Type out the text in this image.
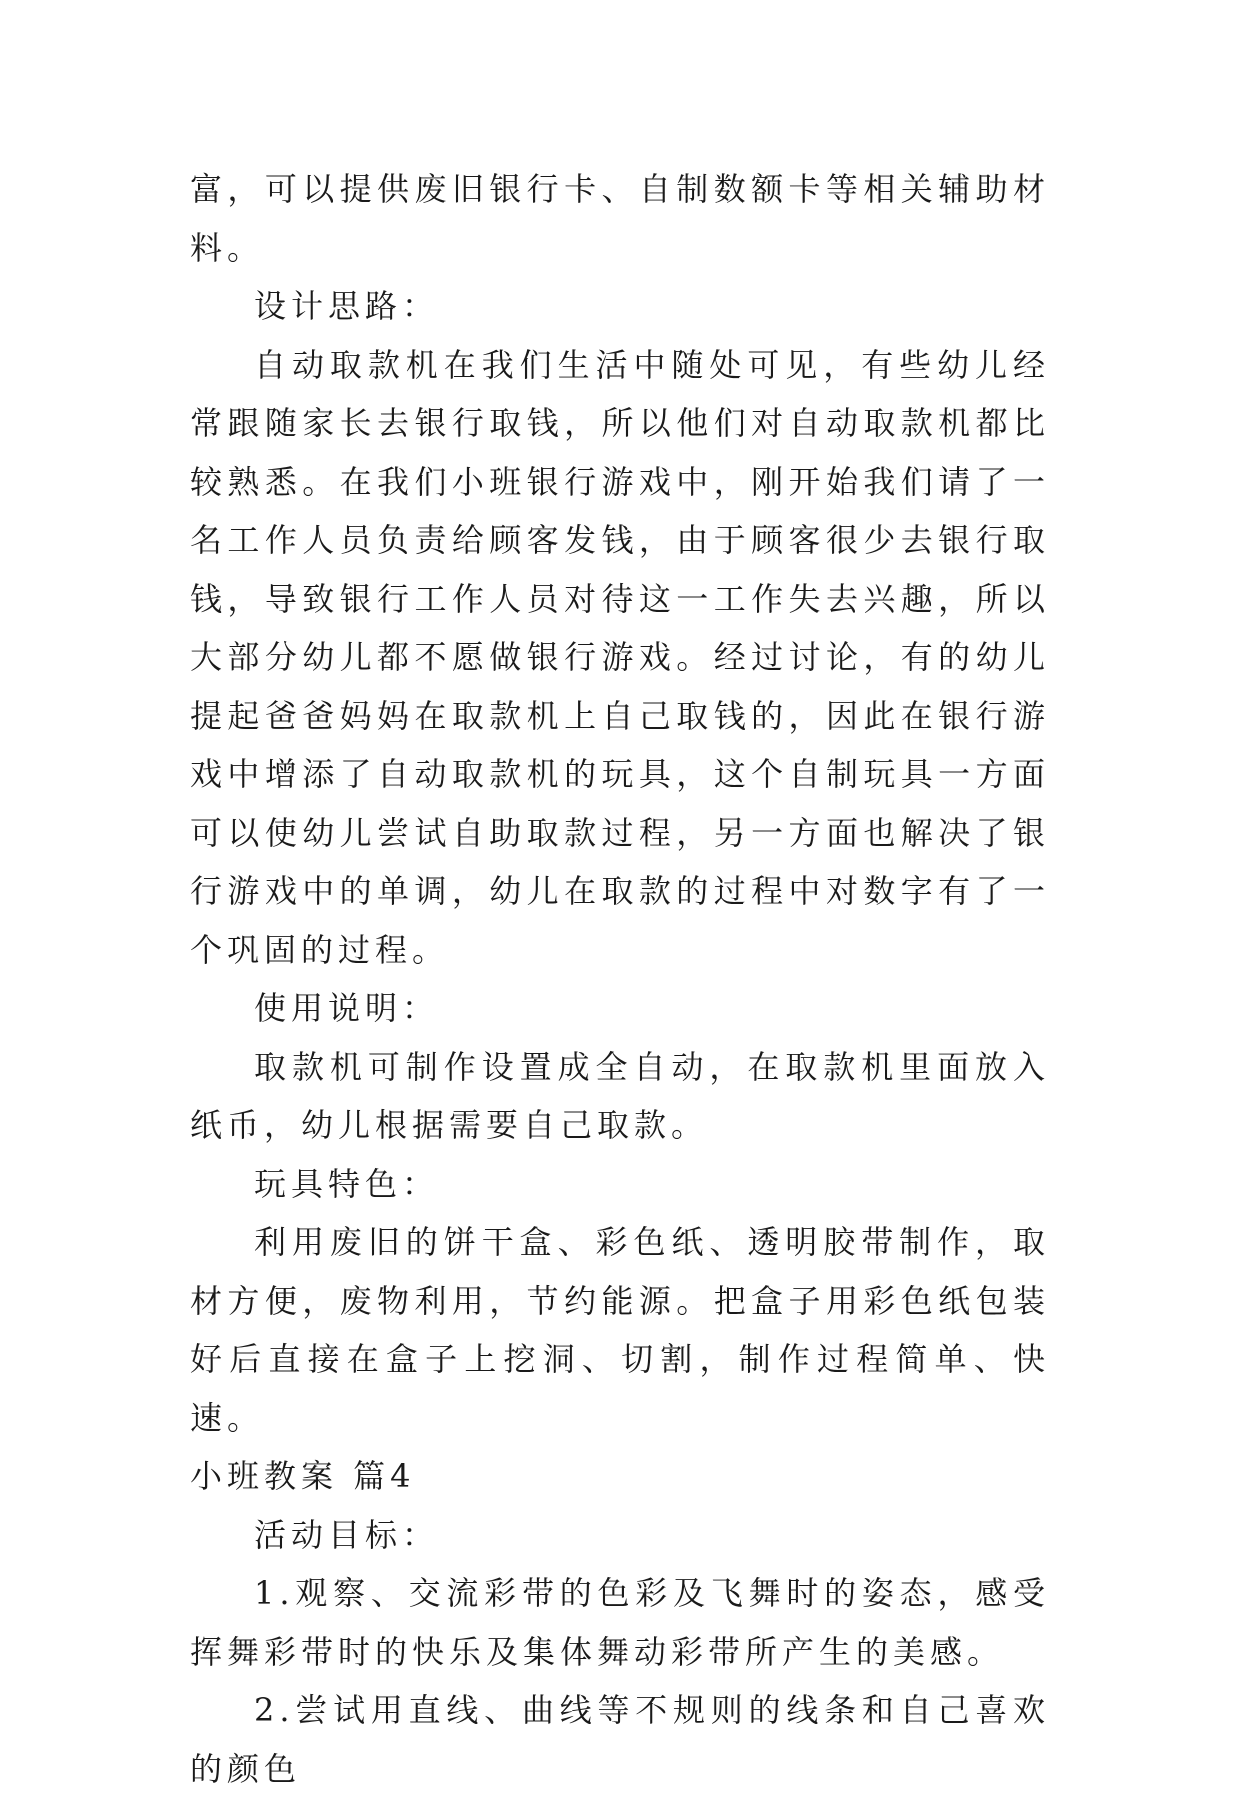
富，可以提供废旧银行卡、自制数额卡等相关辅助材料。

设计思路：

自动取款机在我们生活中随处可见，有些幼儿经常跟随家长去银行取钱，所以他们对自动取款机都比较熟悉。在我们小班银行游戏中，刚开始我们请了一名工作人员负责给顾客发钱，由于顾客很少去银行取钱，导致银行工作人员对待这一工作失去兴趣，所以大部分幼儿都不愿做银行游戏。经过讨论，有的幼儿提起爸爸妈妈在取款机上自己取钱的，因此在银行游戏中增添了自动取款机的玩具，这个自制玩具一方面可以使幼儿尝试自助取款过程，另一方面也解决了银行游戏中的单调，幼儿在取款的过程中对数字有了一个巩固的过程。

使用说明：

取款机可制作设置成全自动，在取款机里面放入纸币，幼儿根据需要自己取款。

玩具特色：

利用废旧的饼干盒、彩色纸、透明胶带制作，取材方便，废物利用，节约能源。把盒子用彩色纸包装好后直接在盒子上挖洞、切割，制作过程简单、快速。

小班教案 篇4

活动目标：

1.观察、交流彩带的色彩及飞舞时的姿态，感受挥舞彩带时的快乐及集体舞动彩带所产生的美感。

2.尝试用直线、曲线等不规则的线条和自己喜欢的颜色
